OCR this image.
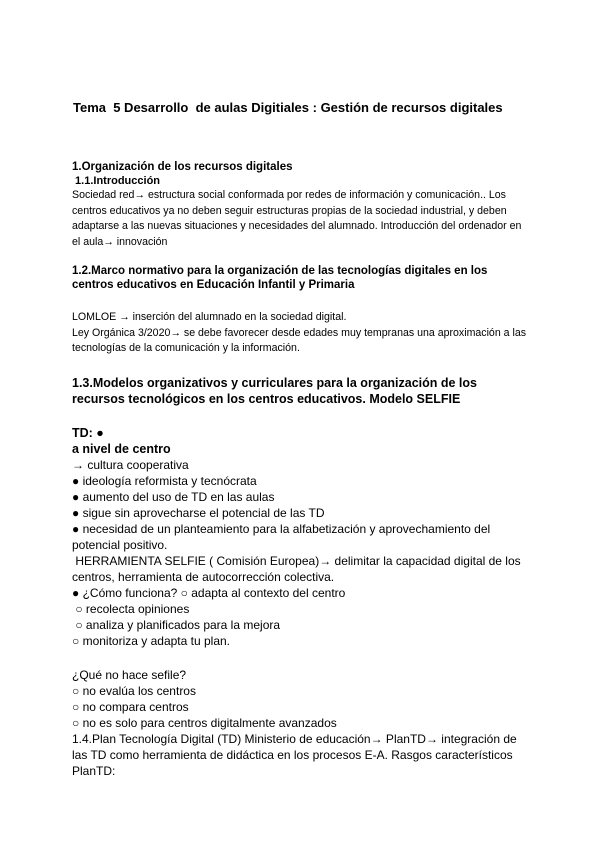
Tema  5 Desarrollo  de aulas Digitiales : Gestión de recursos digitales

1.Organización de los recursos digitales
1.1.Introducción

Sociedad red→ estructura social conformada por redes de información y comunicación.. Los centros educativos ya no deben seguir estructuras propias de la sociedad industrial, y deben adaptarse a las nuevas situaciones y necesidades del alumnado. Introducción del ordenador en el aula→ innovación

1.2.Marco normativo para la organización de las tecnologías digitales en los centros educativos en Educación Infantil y Primaria

LOMLOE → inserción del alumnado en la sociedad digital.

Ley Orgánica 3/2020→ se debe favorecer desde edades muy tempranas una aproximación a las tecnologías de la comunicación y la información.

1.3.Modelos organizativos y curriculares para la organización de los recursos tecnológicos en los centros educativos. Modelo SELFIE
TD: ●
a nivel de centro

→ cultura cooperativa

● ideología reformista y tecnócrata

● aumento del uso de TD en las aulas

● sigue sin aprovecharse el potencial de las TD

● necesidad de un planteamiento para la alfabetización y aprovechamiento del potencial positivo.

HERRAMIENTA SELFIE ( Comisión Europea)→ delimitar la capacidad digital de los centros, herramienta de autocorrección colectiva.

● ¿Cómo funciona? ○ adapta al contexto del centro

○ recolecta opiniones

○ analiza y planificados para la mejora

○ monitoriza y adapta tu plan.

¿Qué no hace sefile?

○ no evalúa los centros

○ no compara centros

○ no es solo para centros digitalmente avanzados

1.4.Plan Tecnología Digital (TD) Ministerio de educación→ PlanTD→ integración de las TD como herramienta de didáctica en los procesos E-A. Rasgos característicos PlanTD:
